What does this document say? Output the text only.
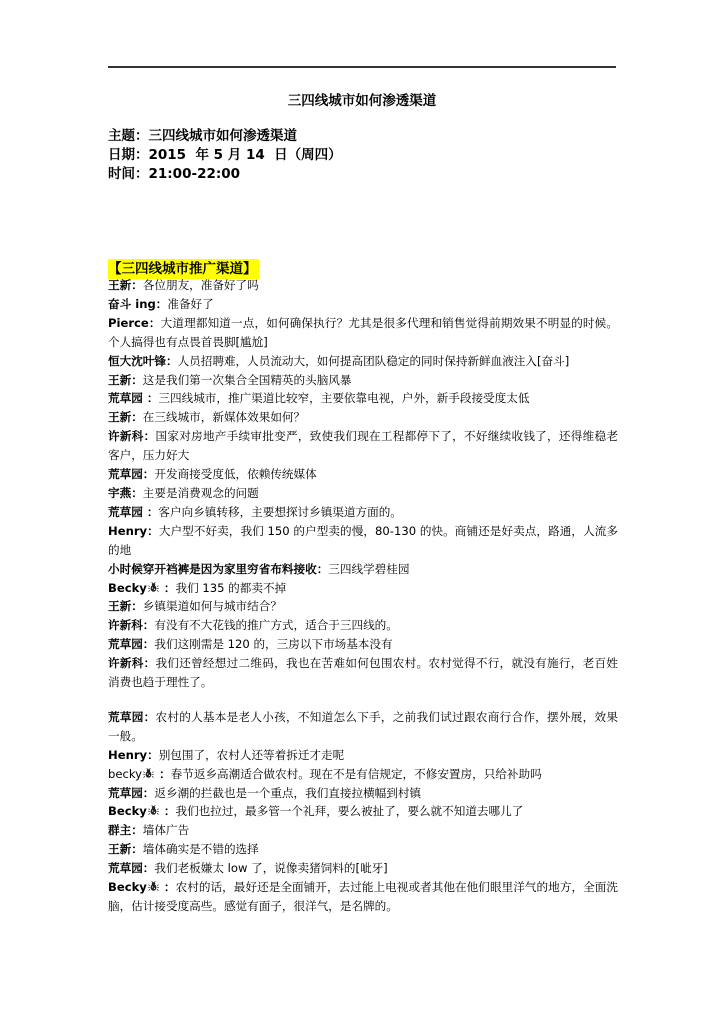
三四线城市如何渗透渠道
主题：三四线城市如何渗透渠道
日期：2015  年 5 月 14  日（周四）
时间：21:00-22:00
【三四线城市推广渠道】
王新：各位朋友，准备好了吗
奋斗 ing：准备好了
Pierce：大道理都知道一点，如何确保执行？尤其是很多代理和销售觉得前期效果不明显的时候。个人搞得也有点畏首畏脚[尴尬]
恒大沈叶锋：人员招聘难，人员流动大，如何提高团队稳定的同时保持新鲜血液注入[奋斗]
王新：这是我们第一次集合全国精英的头脑风暴
荒草园 ：三四线城市，推广渠道比较窄，主要依靠电视，户外，新手段接受度太低
王新：在三线城市，新媒体效果如何？
许新科：国家对房地产手续审批变严，致使我们现在工程都停下了，不好继续收钱了，还得维稳老客户，压力好大
荒草园：开发商接受度低，依赖传统媒体
宇燕：主要是消费观念的问题
荒草园 ：客户向乡镇转移，主要想探讨乡镇渠道方面的。
Henry：大户型不好卖，我们 150 的户型卖的慢，80-130 的快。商铺还是好卖点，路通，人流多的地
小时候穿开裆裤是因为家里穷省布料接收：三四线学碧桂园
Becky ：我们 135 的都卖不掉
王新：乡镇渠道如何与城市结合？
许新科：有没有不大花钱的推广方式，适合于三四线的。
荒草园：我们这刚需是 120 的，三房以下市场基本没有
许新科：我们还曾经想过二维码，我也在苦难如何包围农村。农村觉得不行，就没有施行，老百姓消费也趋于理性了。
荒草园：农村的人基本是老人小孩，不知道怎么下手，之前我们试过跟农商行合作，摆外展，效果一般。
Henry：别包围了，农村人还等着拆迁才走呢
becky ：春节返乡高潮适合做农村。现在不是有信规定，不修安置房，只给补助吗
荒草园：返乡潮的拦截也是一个重点，我们直接拉横幅到村镇
Becky ：我们也拉过，最多管一个礼拜，要么被扯了，要么就不知道去哪儿了
群主：墙体广告
王新：墙体确实是不错的选择
荒草园：我们老板嫌太 low 了，说像卖猪饲料的[呲牙]
Becky ：农村的话，最好还是全面铺开，去过能上电视或者其他在他们眼里洋气的地方，全面洗脑，估计接受度高些。感觉有面子，很洋气，是名牌的。
